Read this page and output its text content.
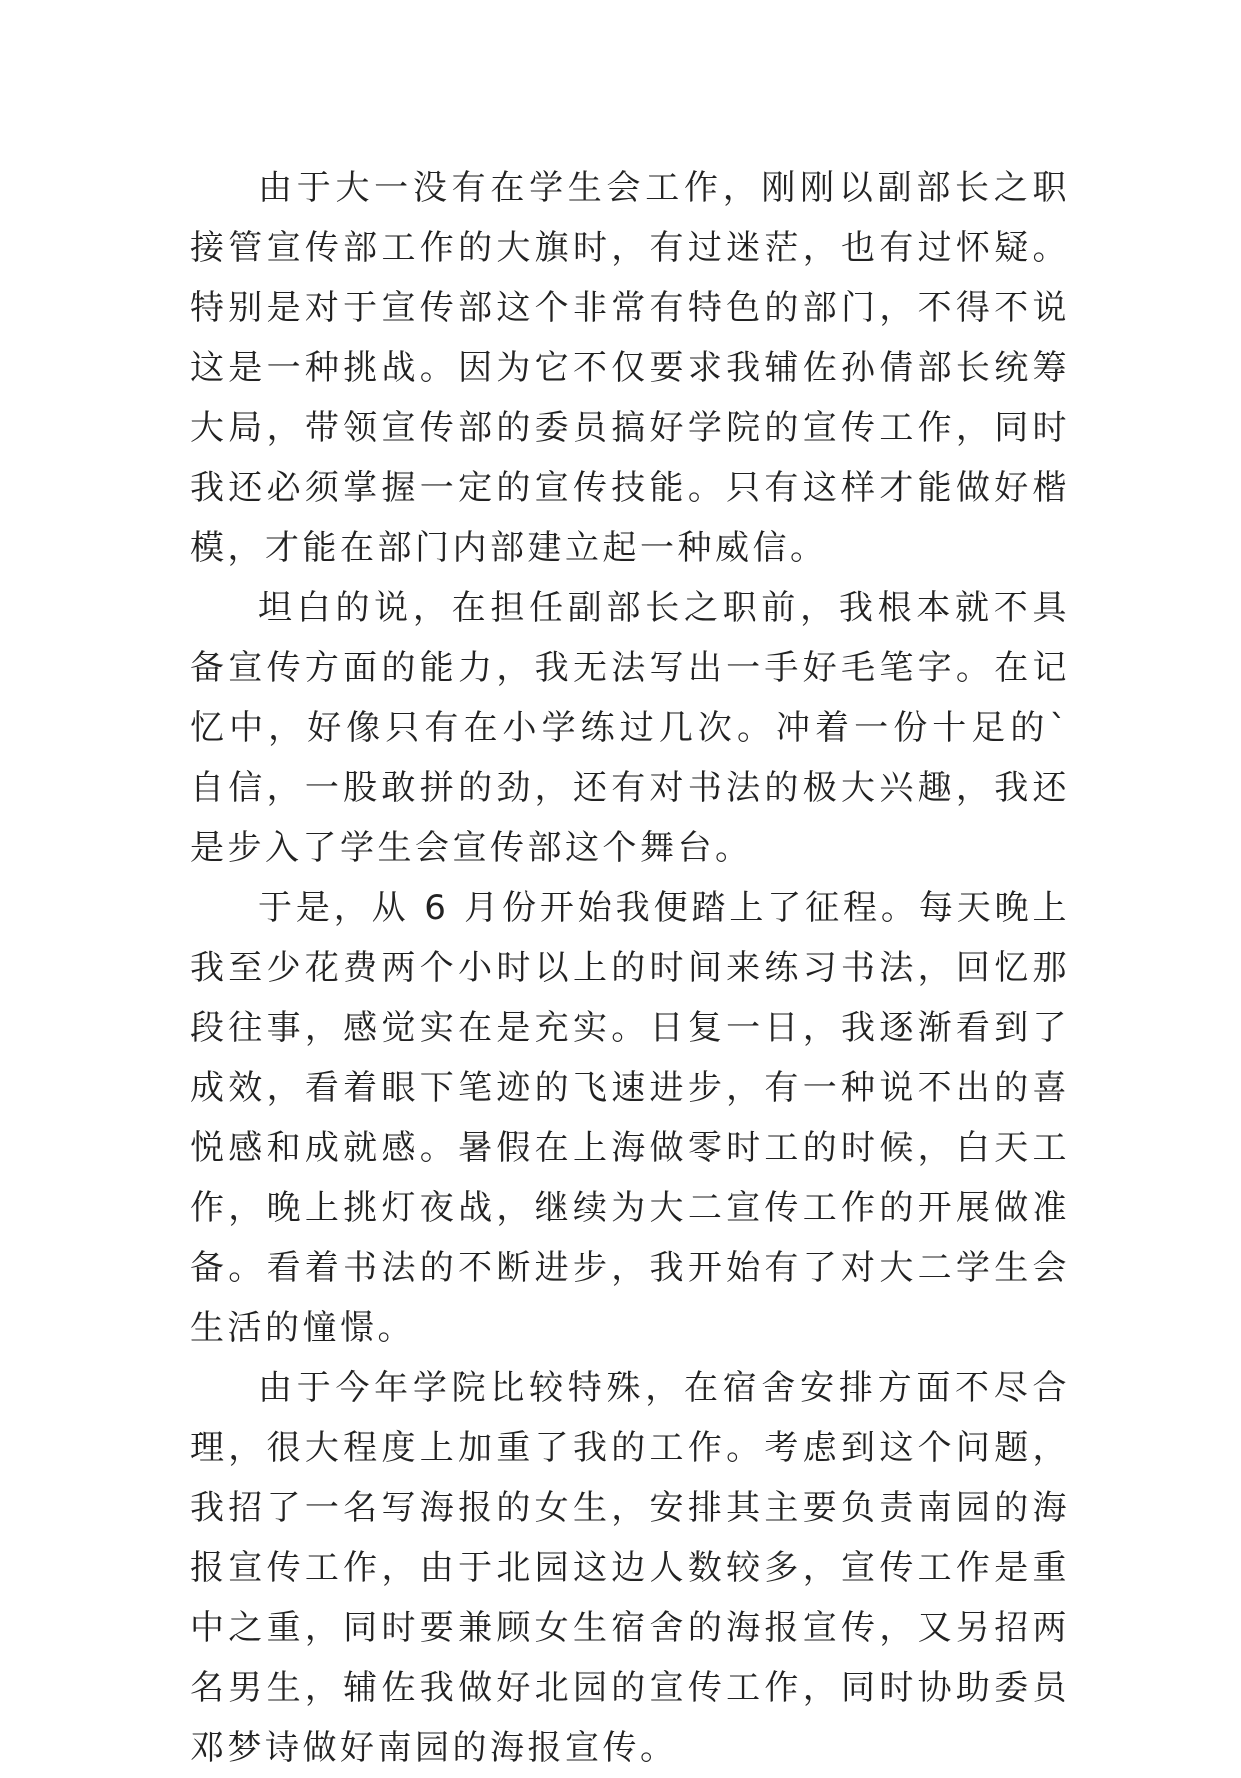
由于大一没有在学生会工作，刚刚以副部长之职接管宣传部工作的大旗时，有过迷茫，也有过怀疑。特别是对于宣传部这个非常有特色的部门，不得不说这是一种挑战。因为它不仅要求我辅佐孙倩部长统筹大局，带领宣传部的委员搞好学院的宣传工作，同时我还必须掌握一定的宣传技能。只有这样才能做好楷模，才能在部门内部建立起一种威信。

坦白的说，在担任副部长之职前，我根本就不具备宣传方面的能力，我无法写出一手好毛笔字。在记忆中，好像只有在小学练过几次。冲着一份十足的`自信，一股敢拼的劲，还有对书法的极大兴趣，我还是步入了学生会宣传部这个舞台。

于是，从 6 月份开始我便踏上了征程。每天晚上我至少花费两个小时以上的时间来练习书法，回忆那段往事，感觉实在是充实。日复一日，我逐渐看到了成效，看着眼下笔迹的飞速进步，有一种说不出的喜悦感和成就感。暑假在上海做零时工的时候，白天工作，晚上挑灯夜战，继续为大二宣传工作的开展做准备。看着书法的不断进步，我开始有了对大二学生会生活的憧憬。

由于今年学院比较特殊，在宿舍安排方面不尽合理，很大程度上加重了我的工作。考虑到这个问题，我招了一名写海报的女生，安排其主要负责南园的海报宣传工作，由于北园这边人数较多，宣传工作是重中之重，同时要兼顾女生宿舍的海报宣传，又另招两名男生，辅佐我做好北园的宣传工作，同时协助委员邓梦诗做好南园的海报宣传。
